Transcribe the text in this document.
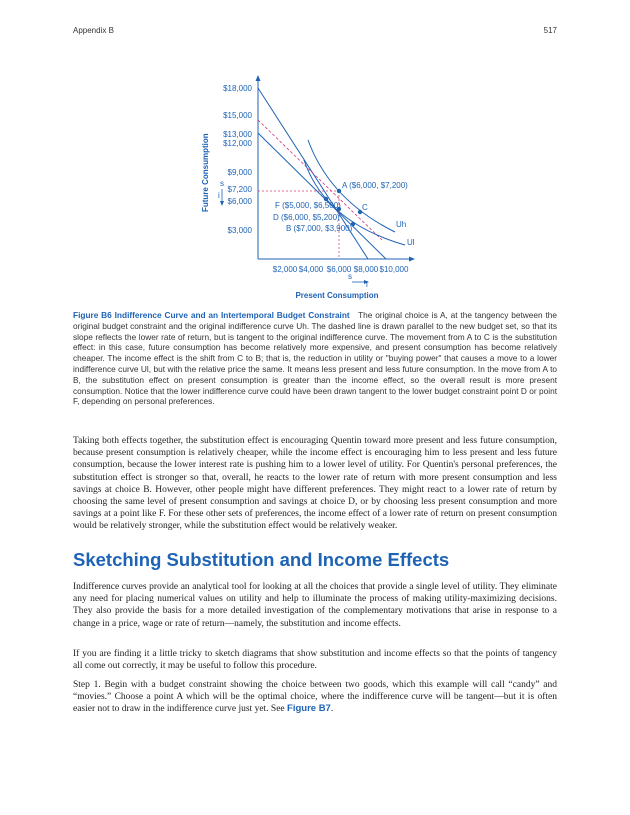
Appendix B	517
$18,000
$15,000
$13,000
$12,000
$9,000
$7,200
$6,000
$3,000
s
i
Future Consumption
$2,000 $4,000 $6,000 $8,000 $10,000
s
i
Present Consumption
A ($6,000, $7,200)
F ($5,000, $6,500)	C
D ($6,000, $5,200)
B ($7,000, $3,900)	Uh
Ul
Figure B6 Indifference Curve and an Intertemporal Budget Constraint The original choice is A, at the tangency between the original budget constraint and the original indifference curve Uh. The dashed line is drawn parallel to the new budget set, so that its slope reflects the lower rate of return, but is tangent to the original indifference curve. The movement from A to C is the substitution effect: in this case, future consumption has become relatively more expensive, and present consumption has become relatively cheaper. The income effect is the shift from C to B; that is, the reduction in utility or "buying power" that causes a move to a lower indifference curve Ul, but with the relative price the same. It means less present and less future consumption. In the move from A to B, the substitution effect on present consumption is greater than the income effect, so the overall result is more present consumption. Notice that the lower indifference curve could have been drawn tangent to the lower budget constraint point D or point F, depending on personal preferences.

Taking both effects together, the substitution effect is encouraging Quentin toward more present and less future consumption, because present consumption is relatively cheaper, while the income effect is encouraging him to less present and less future consumption, because the lower interest rate is pushing him to a lower level of utility. For Quentin's personal preferences, the substitution effect is stronger so that, overall, he reacts to the lower rate of return with more present consumption and less savings at choice B. However, other people might have different preferences. They might react to a lower rate of return by choosing the same level of present consumption and savings at choice D, or by choosing less present consumption and more savings at a point like F. For these other sets of preferences, the income effect of a lower rate of return on present consumption would be relatively stronger, while the substitution effect would be relatively weaker.

Sketching Substitution and Income Effects

Indifference curves provide an analytical tool for looking at all the choices that provide a single level of utility. They eliminate any need for placing numerical values on utility and help to illuminate the process of making utility-maximizing decisions. They also provide the basis for a more detailed investigation of the complementary motivations that arise in response to a change in a price, wage or rate of return—namely, the substitution and income effects.

If you are finding it a little tricky to sketch diagrams that show substitution and income effects so that the points of tangency all come out correctly, it may be useful to follow this procedure.

Step 1. Begin with a budget constraint showing the choice between two goods, which this example will call “candy” and “movies.” Choose a point A which will be the optimal choice, where the indifference curve will be tangent—but it is often easier not to draw in the indifference curve just yet. See Figure B7.
